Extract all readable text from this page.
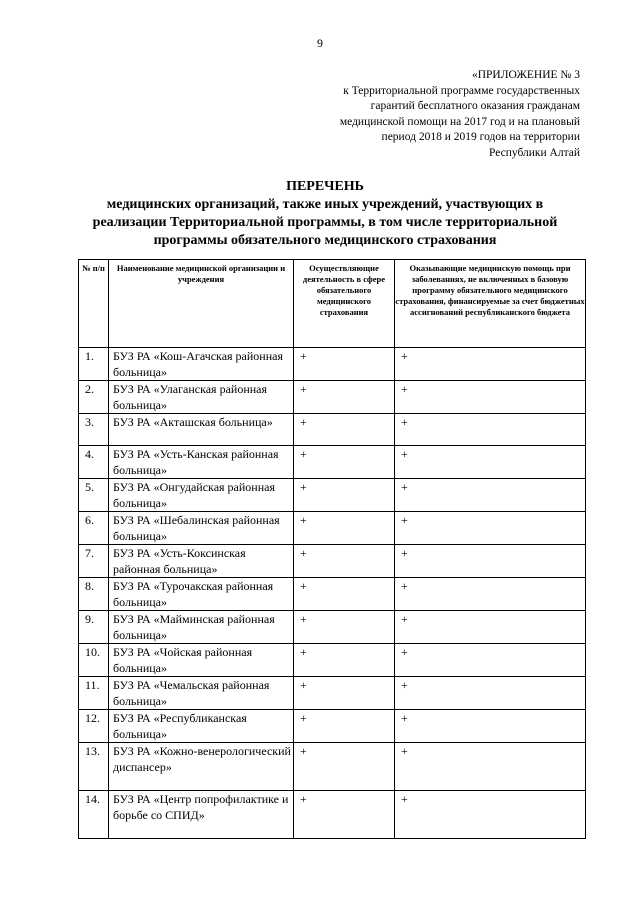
9
«ПРИЛОЖЕНИЕ № 3
к Территориальной программе государственных
гарантий бесплатного оказания гражданам
медицинской помощи на 2017 год и на плановый
период 2018 и 2019 годов на территории
Республики Алтай
ПЕРЕЧЕНЬ
медицинских организаций, также иных учреждений, участвующих в
реализации Территориальной программы, в том числе территориальной
программы обязательного медицинского страхования
№ п/п	Наименование медицинской организации и учреждения	Осуществляющие деятельность в сфере обязательного медицинского страхования	Оказывающие медицинскую помощь при заболеваниях, не включенных в базовую программу обязательного медицинского страхования, финансируемые за счет бюджетных ассигнований республиканского бюджета
1.	БУЗ РА «Кош-Агачская районная больница»	+	+
2.	БУЗ РА «Улаганская районная больница»	+	+
3.	БУЗ РА «Акташская больница»	+	+
4.	БУЗ РА «Усть-Канская районная больница»	+	+
5.	БУЗ РА «Онгудайская районная больница»	+	+
6.	БУЗ РА «Шебалинская районная больница»	+	+
7.	БУЗ РА «Усть-Коксинская районная больница»	+	+
8.	БУЗ РА «Турочакская районная больница»	+	+
9.	БУЗ РА «Майминская районная больница»	+	+
10.	БУЗ РА «Чойская районная больница»	+	+
11.	БУЗ РА «Чемальская районная больница»	+	+
12.	БУЗ РА «Республиканская больница»	+	+
13.	БУЗ РА «Кожно-венерологический диспансер»	+	+
14.	БУЗ РА «Центр попрофилактике и борьбе со СПИД»	+	+
